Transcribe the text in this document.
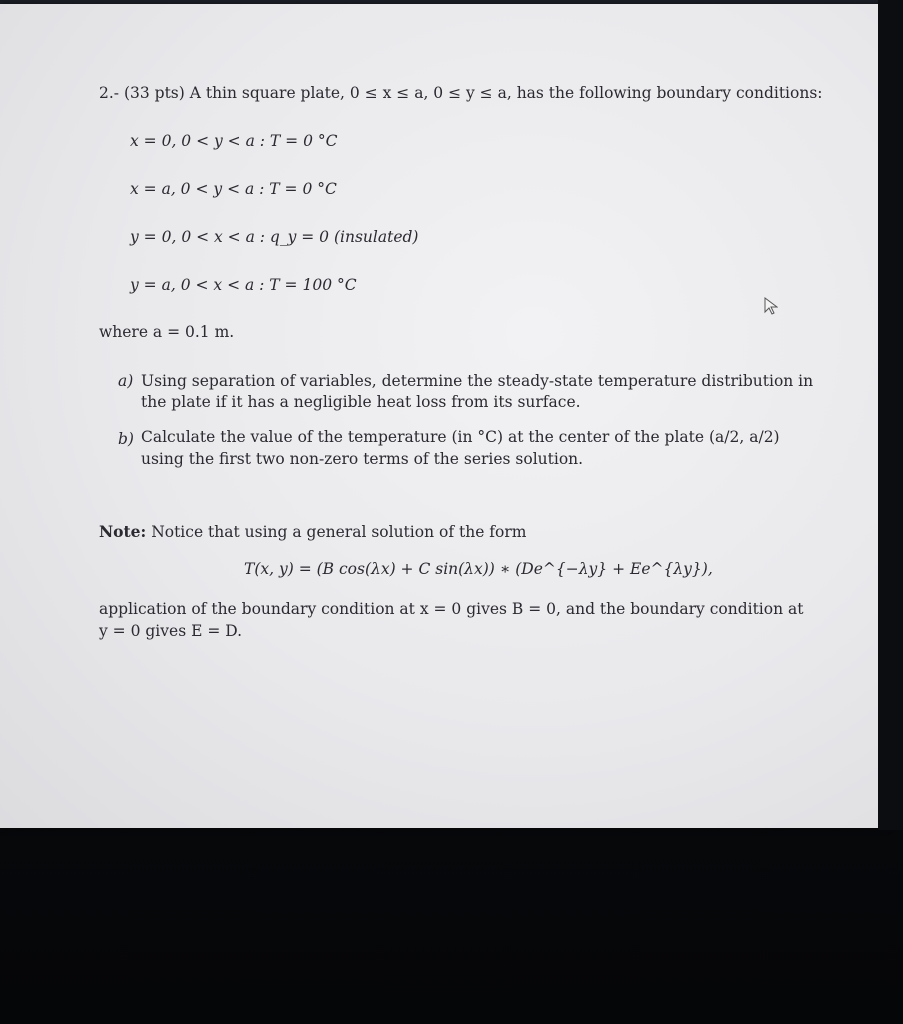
2.- (33 pts) A thin square plate, 0 ≤ x ≤ a, 0 ≤ y ≤ a, has the following boundary conditions:
x = 0, 0 < y < a : T = 0 °C
x = a, 0 < y < a : T = 0 °C
y = 0, 0 < x < a : q_y = 0 (insulated)
y = a, 0 < x < a : T = 100 °C
where a = 0.1 m.
a) Using separation of variables, determine the steady-state temperature distribution in
the plate if it has a negligible heat loss from its surface.
b) Calculate the value of the temperature (in °C) at the center of the plate (a/2, a/2)
using the first two non-zero terms of the series solution.
Note: Notice that using a general solution of the form
T(x, y) = (B cos(λx) + C sin(λx)) ∗ (De^{−λy} + Ee^{λy}),
application of the boundary condition at x = 0 gives B = 0, and the boundary condition at
y = 0 gives E = D.
